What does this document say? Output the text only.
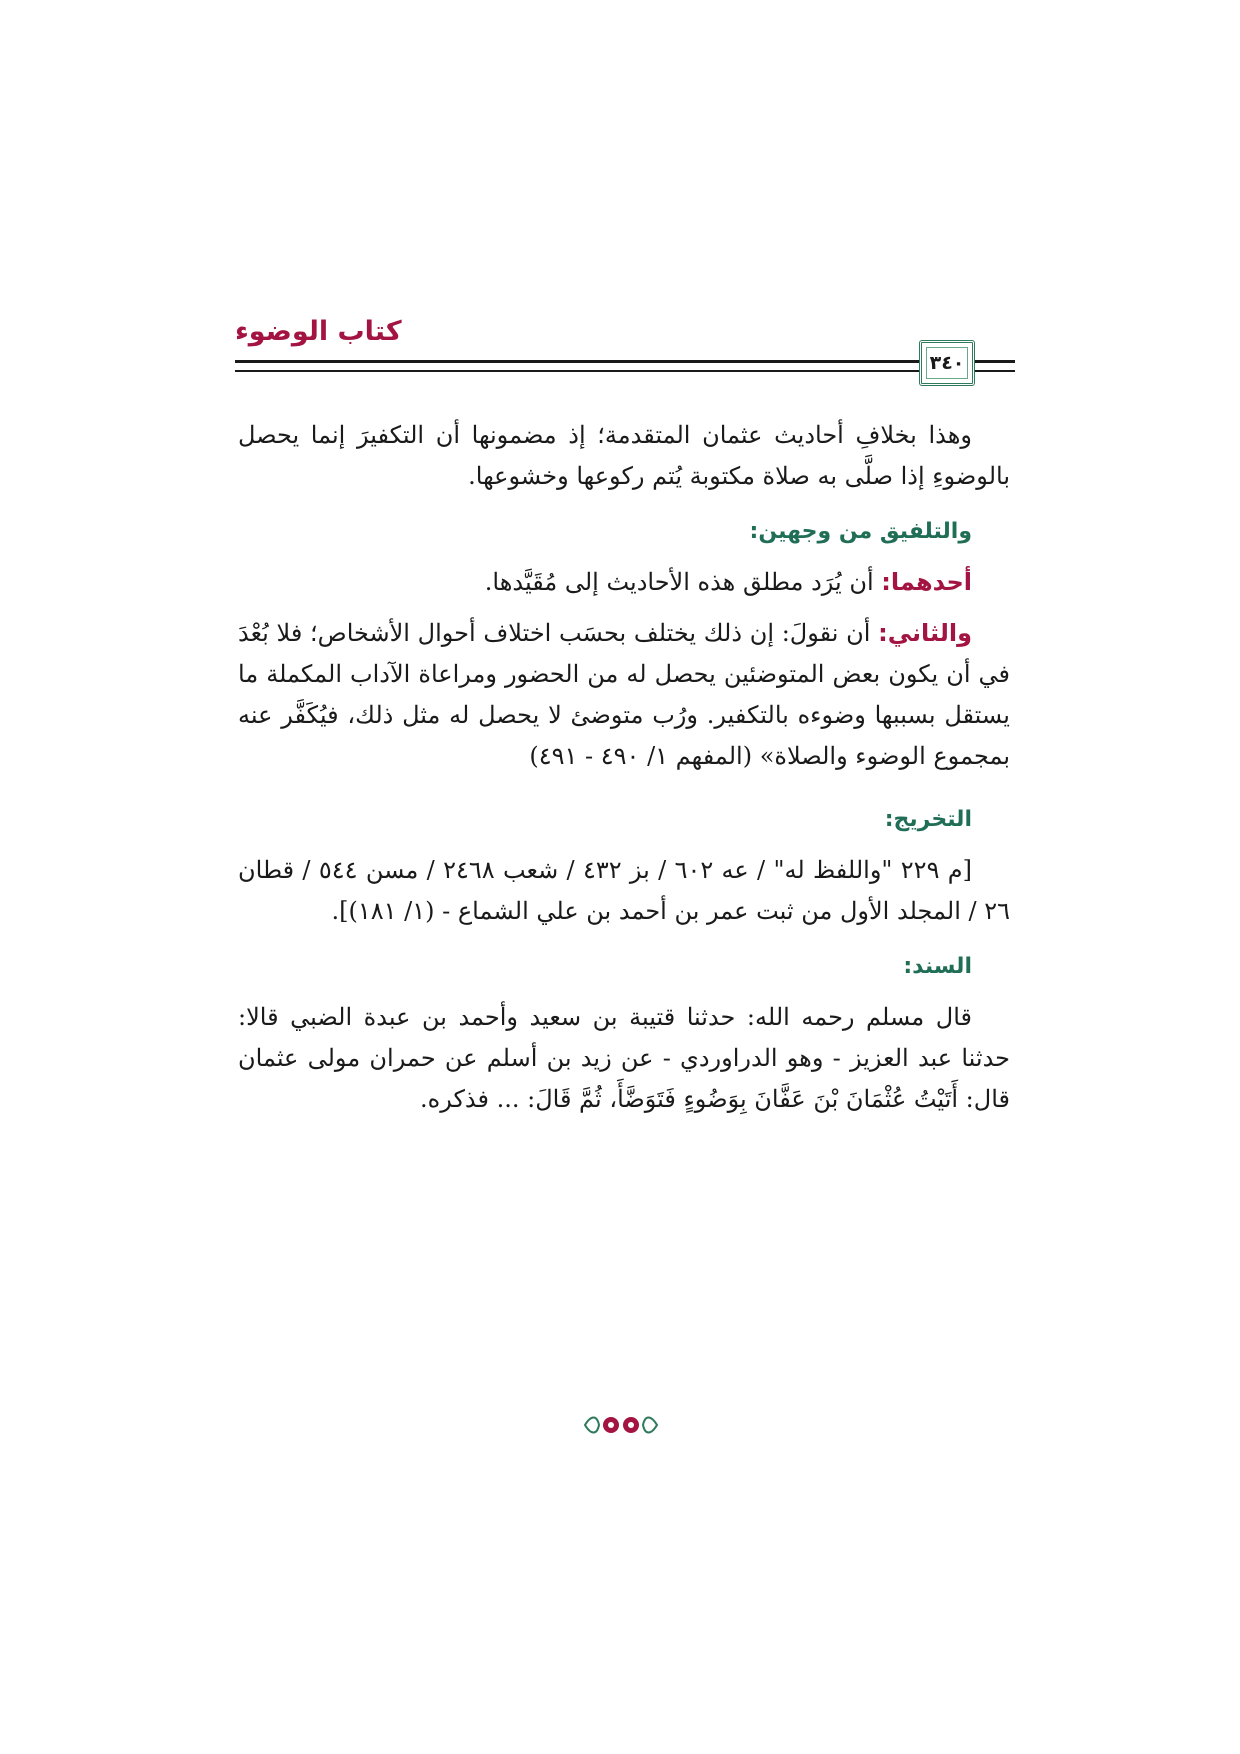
كتاب الوضوء
٣٤٠

وهذا بخلافِ أحاديث عثمان المتقدمة؛ إذ مضمونها أن التكفيرَ إنما يحصل بالوضوءِ إذا صلَّى به صلاة مكتوبة يُتم ركوعها وخشوعها.

والتلفيق من وجهين:

أحدهما: أن يُرَد مطلق هذه الأحاديث إلى مُقَيَّدها.

والثاني: أن نقولَ: إن ذلك يختلف بحسَب اختلاف أحوال الأشخاص؛ فلا بُعْدَ في أن يكون بعض المتوضئين يحصل له من الحضور ومراعاة الآداب المكملة ما يستقل بسببها وضوءه بالتكفير. ورُب متوضئ لا يحصل له مثل ذلك، فيُكَفَّر عنه بمجموع الوضوء والصلاة» (المفهم ١/ ٤٩٠ - ٤٩١)

التخريج:

[م ٢٢٩ "واللفظ له" / عه ٦٠٢ / بز ٤٣٢ / شعب ٢٤٦٨ / مسن ٥٤٤ / قطان ٢٦ / المجلد الأول من ثبت عمر بن أحمد بن علي الشماع - (١/ ١٨١)].

السند:

قال مسلم رحمه الله: حدثنا قتيبة بن سعيد وأحمد بن عبدة الضبي قالا: حدثنا عبد العزيز - وهو الدراوردي - عن زيد بن أسلم عن حمران مولى عثمان قال: أَتَيْتُ عُثْمَانَ بْنَ عَفَّانَ بِوَضُوءٍ فَتَوَضَّأَ، ثُمَّ قَالَ: ... فذكره.
